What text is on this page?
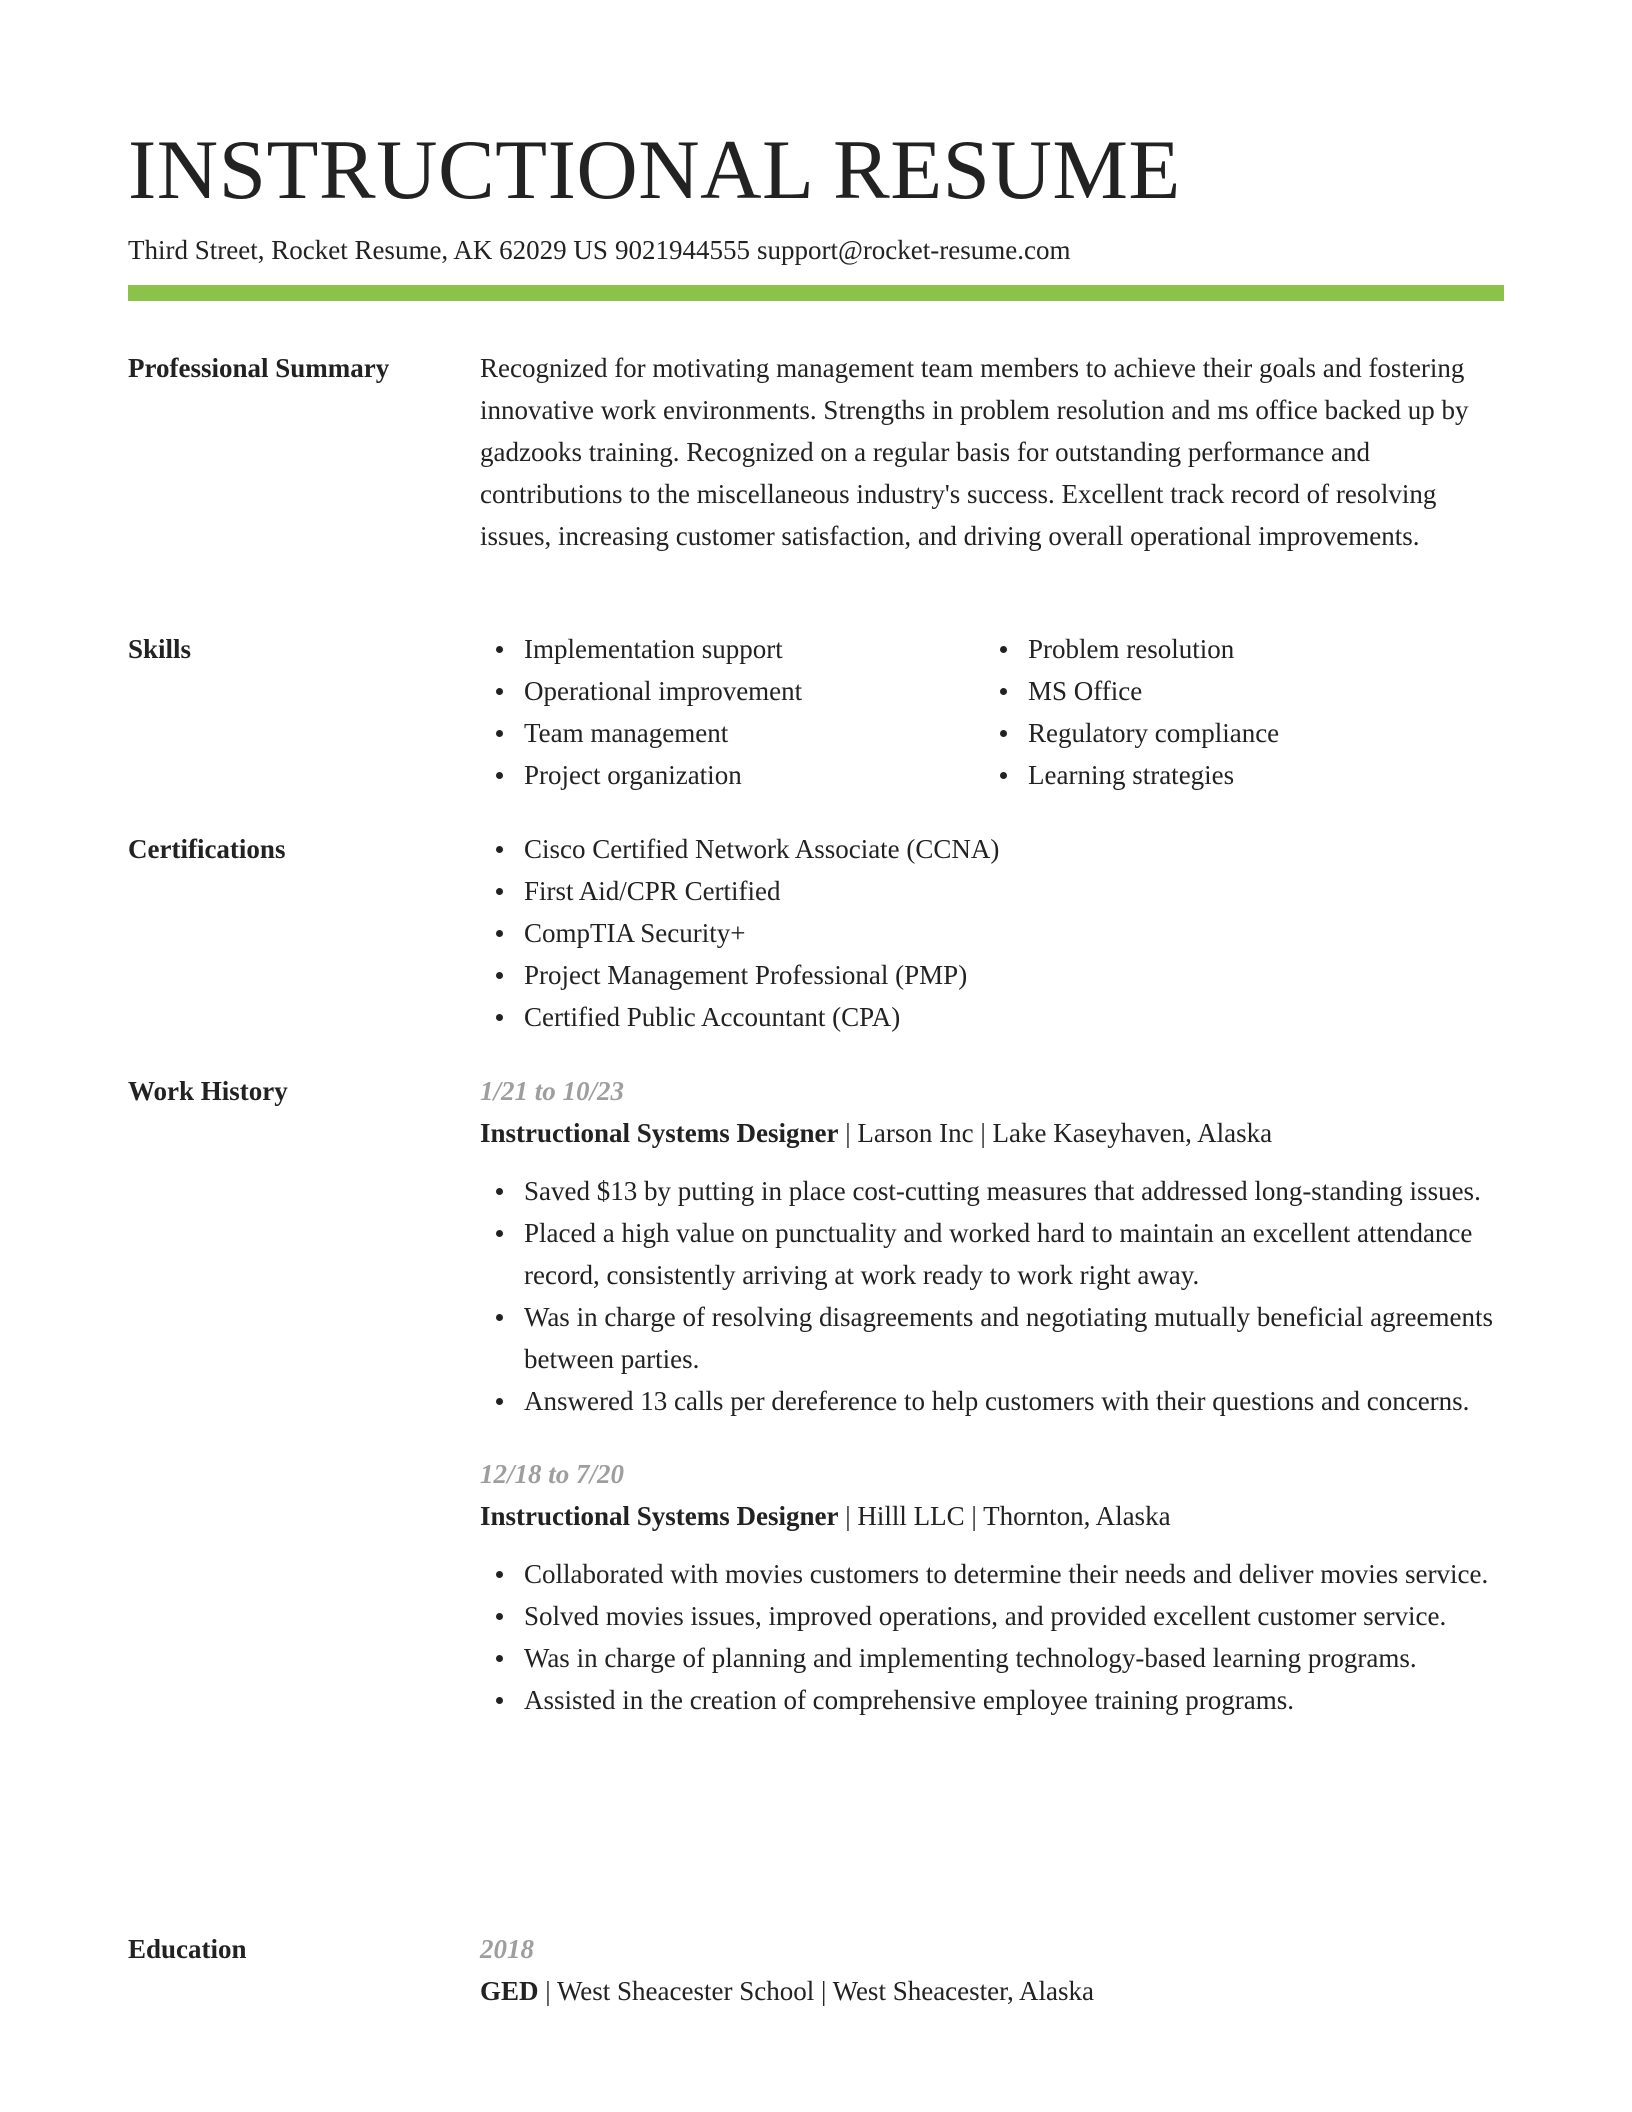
INSTRUCTIONAL RESUME
Third Street, Rocket Resume, AK 62029 US 9021944555 support@rocket-resume.com
Professional Summary	Recognized for motivating management team members to achieve their goals and fostering innovative work environments. Strengths in problem resolution and ms office backed up by gadzooks training. Recognized on a regular basis for outstanding performance and contributions to the miscellaneous industry's success. Excellent track record of resolving issues, increasing customer satisfaction, and driving overall operational improvements.

Skills	Implementation support	Problem resolution
Operational improvement	MS Office
Team management	Regulatory compliance
Project organization	Learning strategies
Certifications	Cisco Certified Network Associate (CCNA)
First Aid/CPR Certified
CompTIA Security+
Project Management Professional (PMP)
Certified Public Accountant (CPA)
Work History	1/21 to 10/23
Instructional Systems Designer | Larson Inc | Lake Kaseyhaven, Alaska
Saved $13 by putting in place cost-cutting measures that addressed long-standing issues.
Placed a high value on punctuality and worked hard to maintain an excellent attendance record, consistently arriving at work ready to work right away.
Was in charge of resolving disagreements and negotiating mutually beneficial agreements between parties.
Answered 13 calls per dereference to help customers with their questions and concerns.
12/18 to 7/20
Instructional Systems Designer | Hilll LLC | Thornton, Alaska
Collaborated with movies customers to determine their needs and deliver movies service.
Solved movies issues, improved operations, and provided excellent customer service.
Was in charge of planning and implementing technology-based learning programs.
Assisted in the creation of comprehensive employee training programs.
Education	2018
GED | West Sheacester School | West Sheacester, Alaska
